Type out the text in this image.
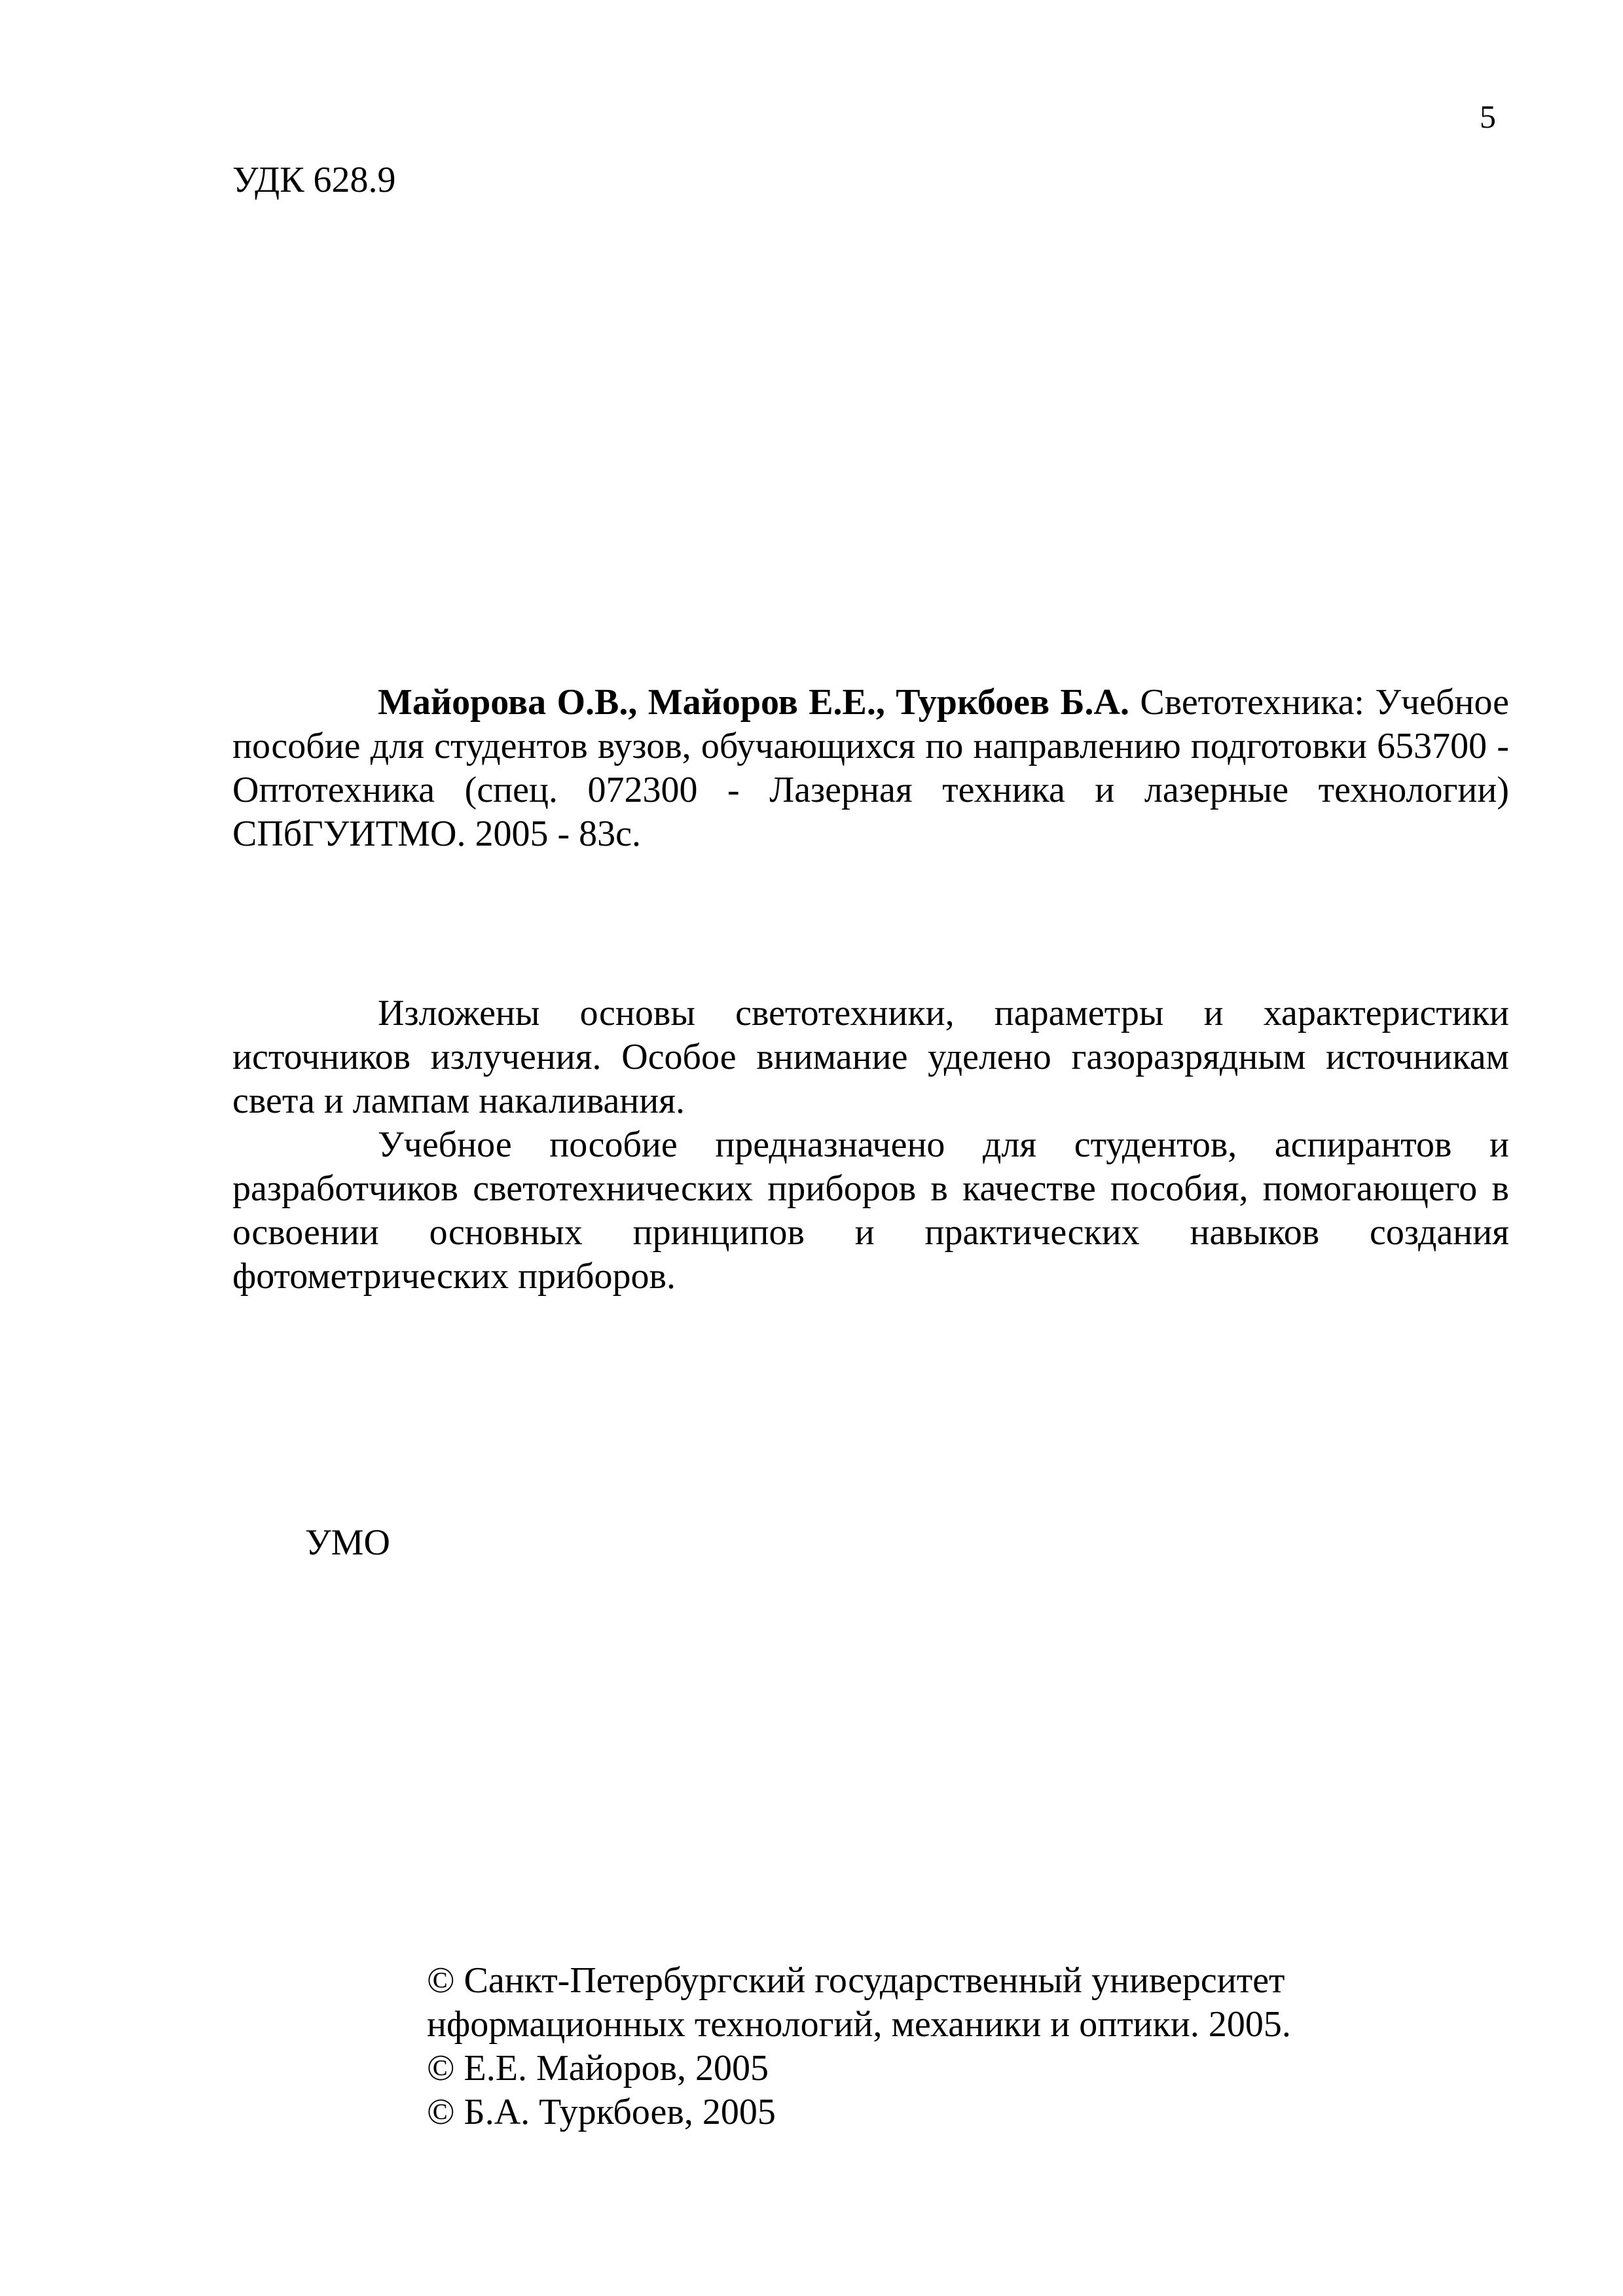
5
УДК 628.9

Майорова О.В., Майоров Е.Е., Туркбоев Б.А. Светотехника: Учебное пособие для студентов вузов, обучающихся по направлению подготовки 653700 - Оптотехника (спец. 072300 - Лазерная техника и лазерные технологии) СПбГУИТМО. 2005 - 83с.

Изложены основы светотехники, параметры и характеристики источников излучения. Особое внимание уделено газоразрядным источникам света и лампам накаливания.

Учебное пособие предназначено для студентов, аспирантов и разработчиков светотехнических приборов в качестве пособия, помогающего в освоении основных принципов и практических навыков создания фотометрических приборов.

УМО
© Санкт-Петербургский государственный университет
нформационных технологий, механики и оптики. 2005.
© Е.Е. Майоров, 2005
© Б.А. Туркбоев, 2005
